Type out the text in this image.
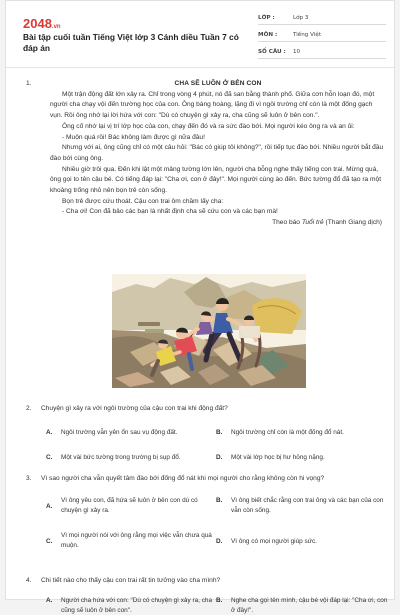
2048.vn
Bài tập cuối tuần Tiếng Việt lớp 3 Cánh diều Tuần 7 có đáp án
LỚP :	Lớp 3
MÔN :	Tiếng Việt
SỐ CÂU :	10
1.	CHA SẼ LUÔN Ở BÊN CON

Một trận động đất lớn xảy ra. Chỉ trong vòng 4 phút, nó đã san bằng thành phố. Giữa cơn hỗn loạn đó, một người cha chạy vội đến trường học của con. Ông bàng hoàng, lặng đi vì ngôi trường chỉ còn là một đống gạch vụn. Rồi ông nhớ lại lời hứa với con: "Dù có chuyện gì xảy ra, cha cũng sẽ luôn ở bên con.".

Ông cố nhớ lại vị trí lớp học của con, chạy đến đó và ra sức đào bới. Mọi người kéo ông ra và an ủi:

- Muộn quá rồi! Bác không làm được gì nữa đâu!

Nhưng với ai, ông cũng chỉ có một câu hỏi: "Bác có giúp tôi không?", rồi tiếp tục đào bới. Nhiều người bắt đầu đào bới cùng ông.

Nhiều giờ trôi qua. Đến khi lật một mảng tường lớn lên, người cha bỗng nghe thấy tiếng con trai. Mừng quá, ông gọi to tên cậu bé. Có tiếng đáp lại: "Cha ơi, con ở đây!". Mọi người cùng ào đến. Bức tường đổ đã tạo ra một khoảng trống nhỏ nên bọn trẻ còn sống.

Bọn trẻ được cứu thoát. Cậu con trai ôm chầm lấy cha:

- Cha ơi! Con đã bảo các bạn là nhất định cha sẽ cứu con và các bạn mà!

Theo báo Tuổi trẻ (Thanh Giang dịch)
2.	Chuyện gì xảy ra với ngôi trường của cậu con trai khi động đất?
A.	Ngôi trường vẫn yên ổn sau vụ động đất.	B.	Ngôi trường chỉ còn là một đống đổ nát.
C.	Một vài bức tường trong trường bị sụp đổ.	D.	Một vài lớp học bị hư hỏng nặng.
3.	Vì sao người cha vẫn quyết tâm đào bới đống đổ nát khi mọi người cho rằng không còn hi vọng?
A.
Vì ông yêu con, đã hứa sẽ luôn ở bên con dù có chuyện gì xảy ra.
B.	Vì ông biết chắc rằng con trai ông và các bạn của con vẫn còn sống.
C.
Vì mọi người nói với ông rằng mọi việc vẫn chưa quá muộn.	D.	Vì ông có mọi người giúp sức.
4.	Chi tiết nào cho thấy cậu con trai rất tin tưởng vào cha mình?
A.	Người cha hứa với con: "Dù có chuyện gì xảy ra, cha cũng sẽ luôn ở bên con".
B.	Nghe cha gọi tên mình, cậu bé vội đáp lại: "Cha ơi, con ở đây!".
